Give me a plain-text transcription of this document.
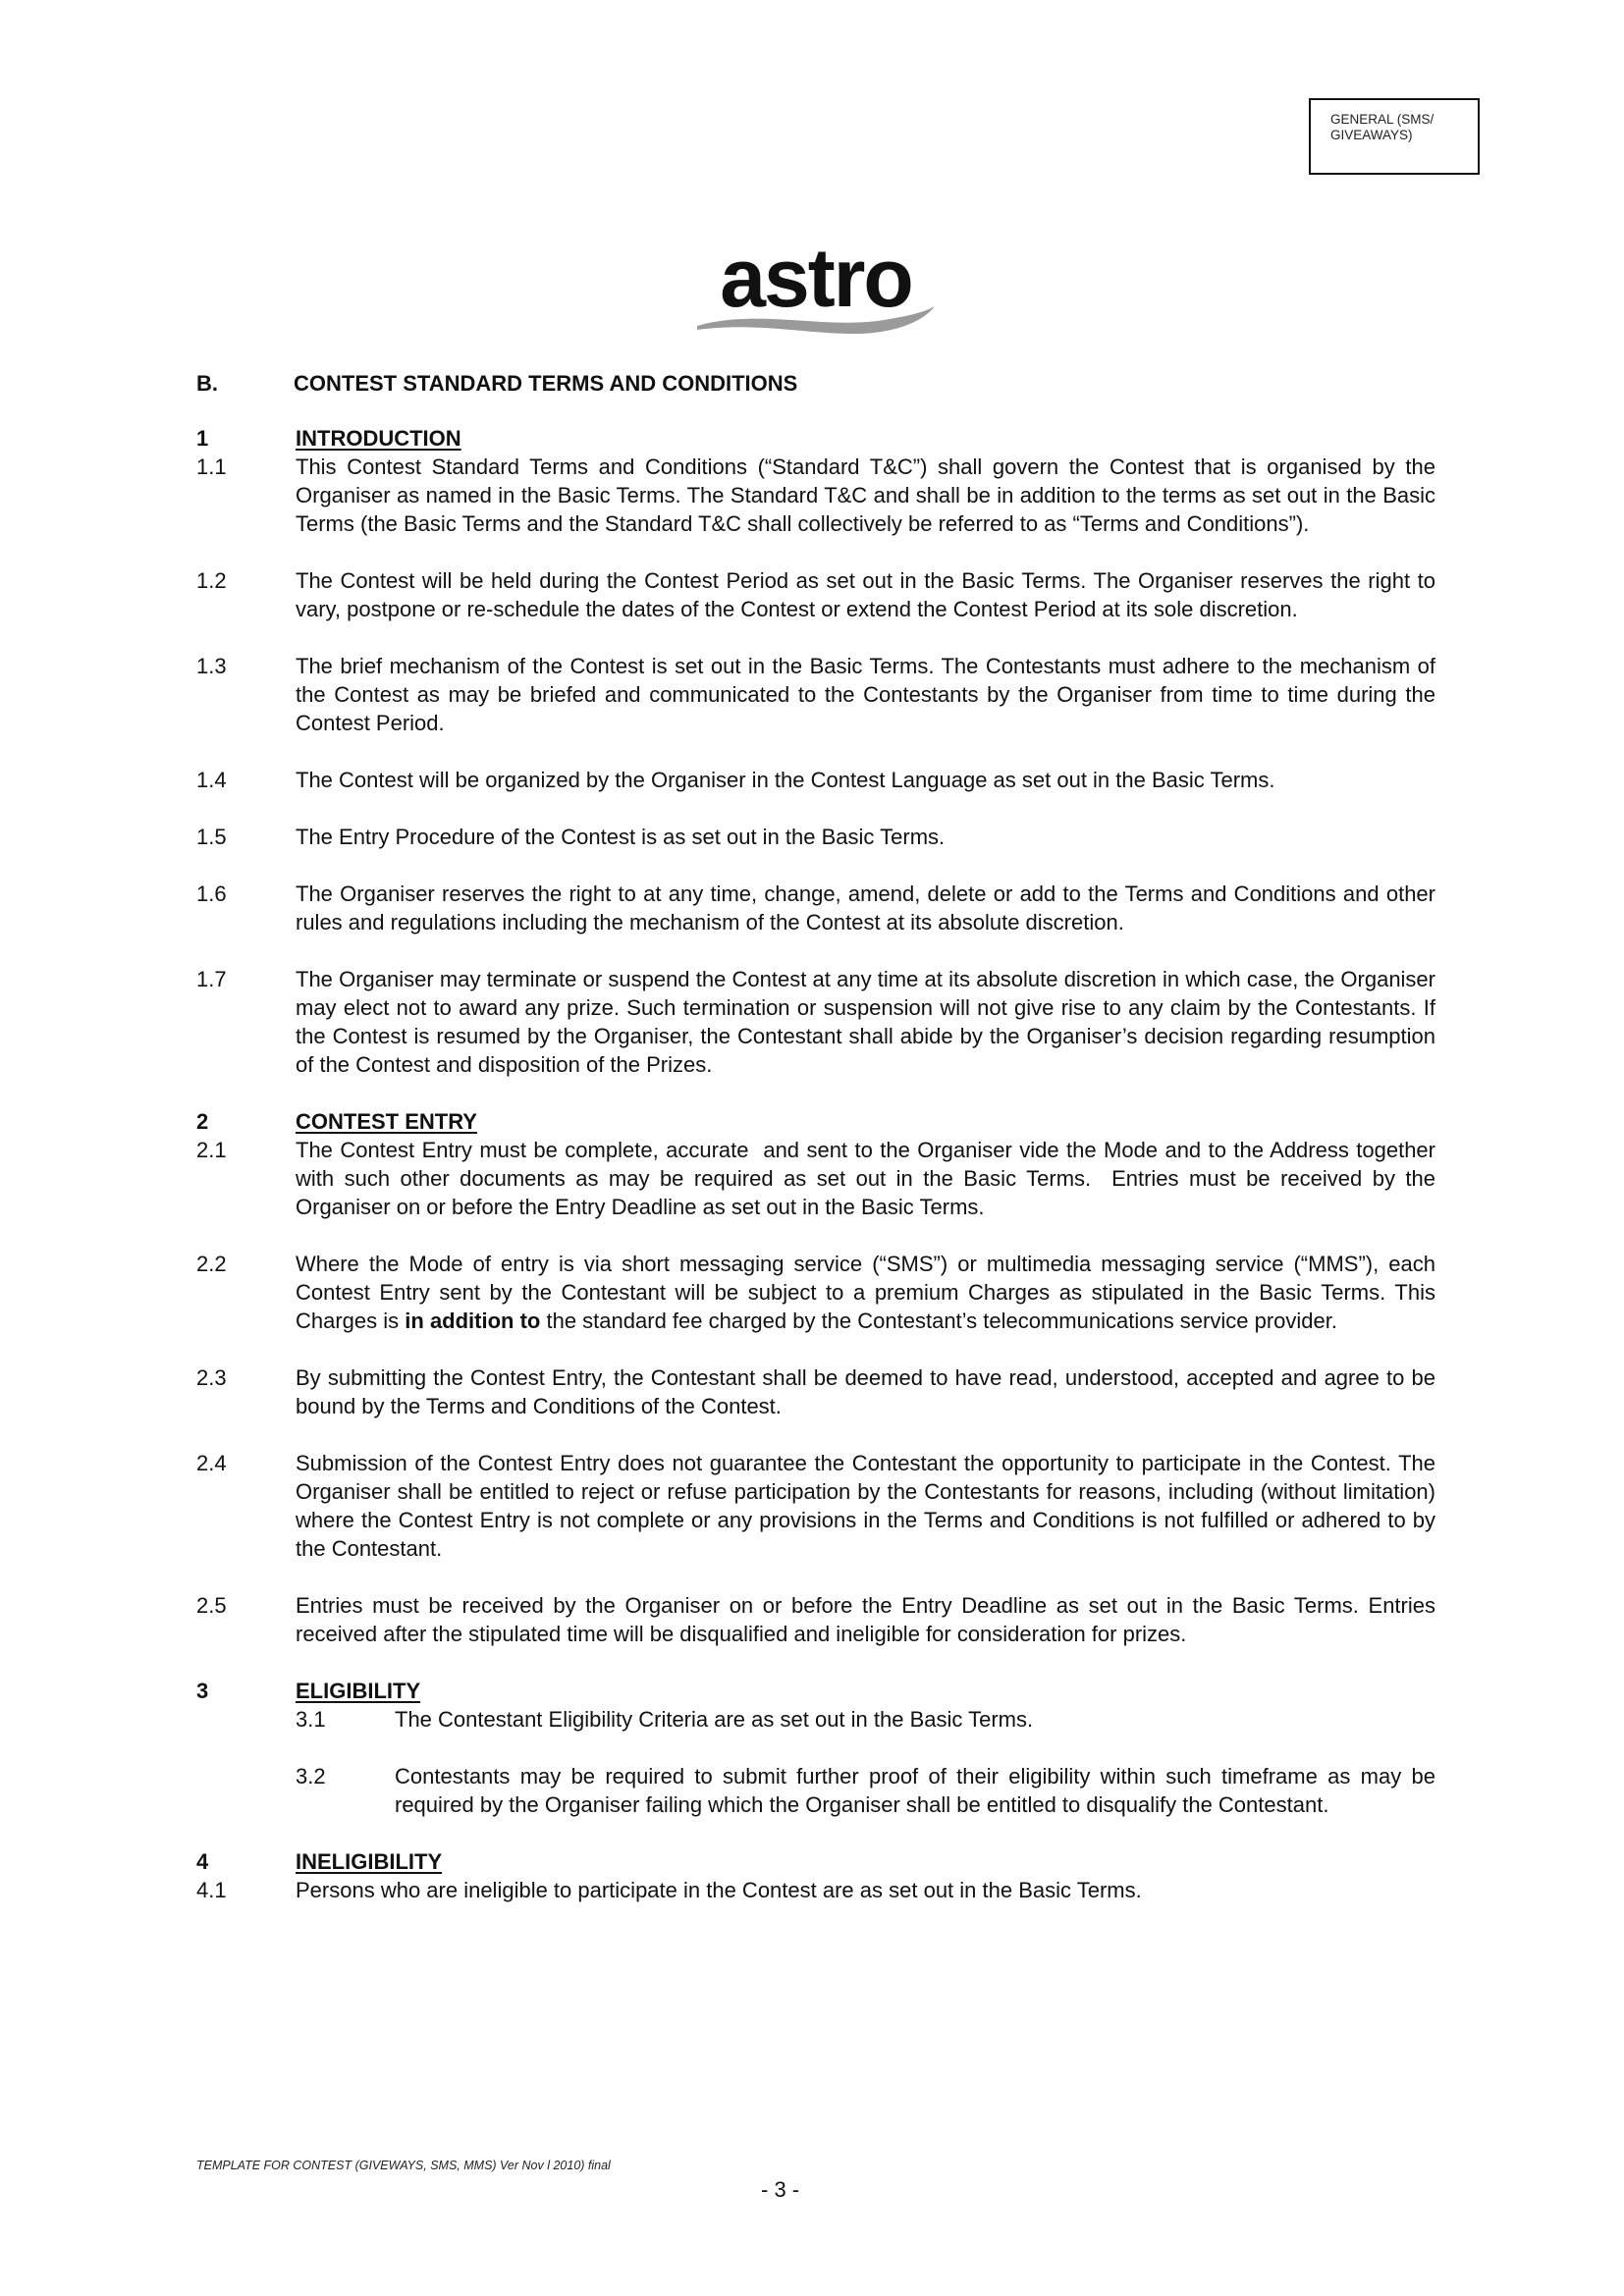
GENERAL (SMS/
GIVEAWAYS)
astro
B.	CONTEST STANDARD TERMS AND CONDITIONS
1	INTRODUCTION
1.1	This Contest Standard Terms and Conditions (“Standard T&C”) shall govern the Contest that is organised by the Organiser as named in the Basic Terms. The Standard T&C and shall be in addition to the terms as set out in the Basic Terms (the Basic Terms and the Standard T&C shall collectively be referred to as “Terms and Conditions”).
1.2	The Contest will be held during the Contest Period as set out in the Basic Terms. The Organiser reserves the right to vary, postpone or re-schedule the dates of the Contest or extend the Contest Period at its sole discretion.
1.3	The brief mechanism of the Contest is set out in the Basic Terms. The Contestants must adhere to the mechanism of the Contest as may be briefed and communicated to the Contestants by the Organiser from time to time during the Contest Period.
1.4	The Contest will be organized by the Organiser in the Contest Language as set out in the Basic Terms.
1.5	The Entry Procedure of the Contest is as set out in the Basic Terms.
1.6	The Organiser reserves the right to at any time, change, amend, delete or add to the Terms and Conditions and other rules and regulations including the mechanism of the Contest at its absolute discretion.
1.7	The Organiser may terminate or suspend the Contest at any time at its absolute discretion in which case, the Organiser may elect not to award any prize. Such termination or suspension will not give rise to any claim by the Contestants. If the Contest is resumed by the Organiser, the Contestant shall abide by the Organiser’s decision regarding resumption of the Contest and disposition of the Prizes.
2	CONTEST ENTRY
2.1	The Contest Entry must be complete, accurate  and sent to the Organiser vide the Mode and to the Address together with such other documents as may be required as set out in the Basic Terms.  Entries must be received by the Organiser on or before the Entry Deadline as set out in the Basic Terms.
2.2	Where the Mode of entry is via short messaging service (“SMS”) or multimedia messaging service (“MMS”), each Contest Entry sent by the Contestant will be subject to a premium Charges as stipulated in the Basic Terms. This Charges is in addition to the standard fee charged by the Contestant’s telecommunications service provider.
2.3	By submitting the Contest Entry, the Contestant shall be deemed to have read, understood, accepted and agree to be bound by the Terms and Conditions of the Contest.
2.4	Submission of the Contest Entry does not guarantee the Contestant the opportunity to participate in the Contest. The Organiser shall be entitled to reject or refuse participation by the Contestants for reasons, including (without limitation) where the Contest Entry is not complete or any provisions in the Terms and Conditions is not fulfilled or adhered to by the Contestant.
2.5	Entries must be received by the Organiser on or before the Entry Deadline as set out in the Basic Terms. Entries received after the stipulated time will be disqualified and ineligible for consideration for prizes.
3	ELIGIBILITY
3.1	The Contestant Eligibility Criteria are as set out in the Basic Terms.
3.2	Contestants may be required to submit further proof of their eligibility within such timeframe as may be required by the Organiser failing which the Organiser shall be entitled to disqualify the Contestant.
4	INELIGIBILITY
4.1	Persons who are ineligible to participate in the Contest are as set out in the Basic Terms.
TEMPLATE FOR CONTEST (GIVEWAYS, SMS, MMS) Ver Nov l 2010) final
- 3 -
